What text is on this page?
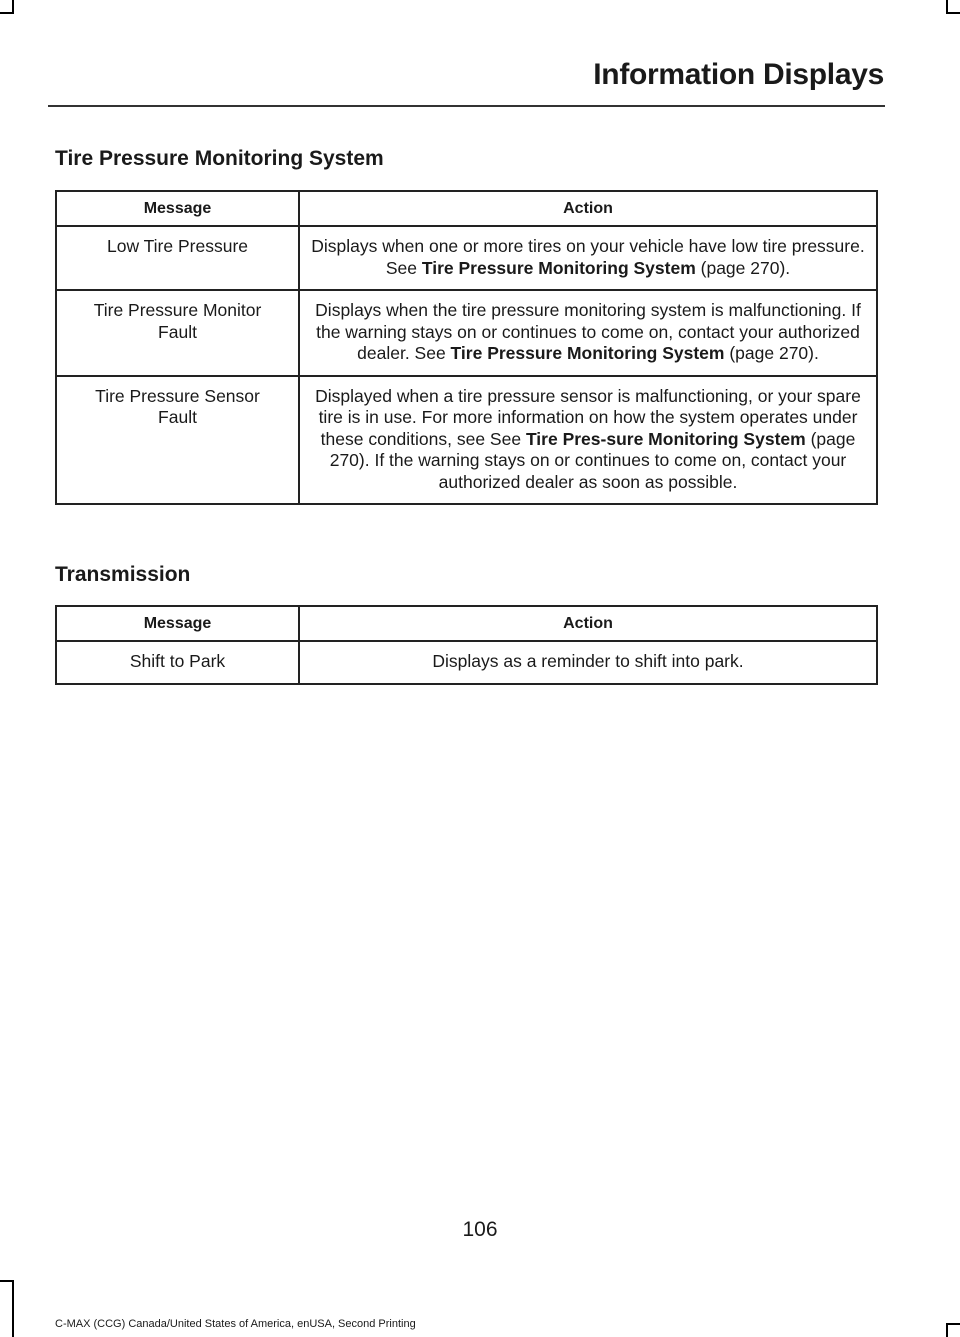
Information Displays
Tire Pressure Monitoring System
Message	Action
Low Tire Pressure	Displays when one or more tires on your vehicle have low tire pressure. See Tire Pressure Monitoring System (page 270).
Tire Pressure Monitor Fault	Displays when the tire pressure monitoring system is malfunctioning. If the warning stays on or continues to come on, contact your authorized dealer. See Tire Pressure Monitoring System (page 270).
Tire Pressure Sensor Fault	Displayed when a tire pressure sensor is malfunctioning, or your spare tire is in use. For more information on how the system operates under these conditions, see See Tire Pres-sure Monitoring System (page 270). If the warning stays on or continues to come on, contact your authorized dealer as soon as possible.
Transmission
Message	Action
Shift to Park	Displays as a reminder to shift into park.
106
C-MAX (CCG) Canada/United States of America, enUSA, Second Printing
